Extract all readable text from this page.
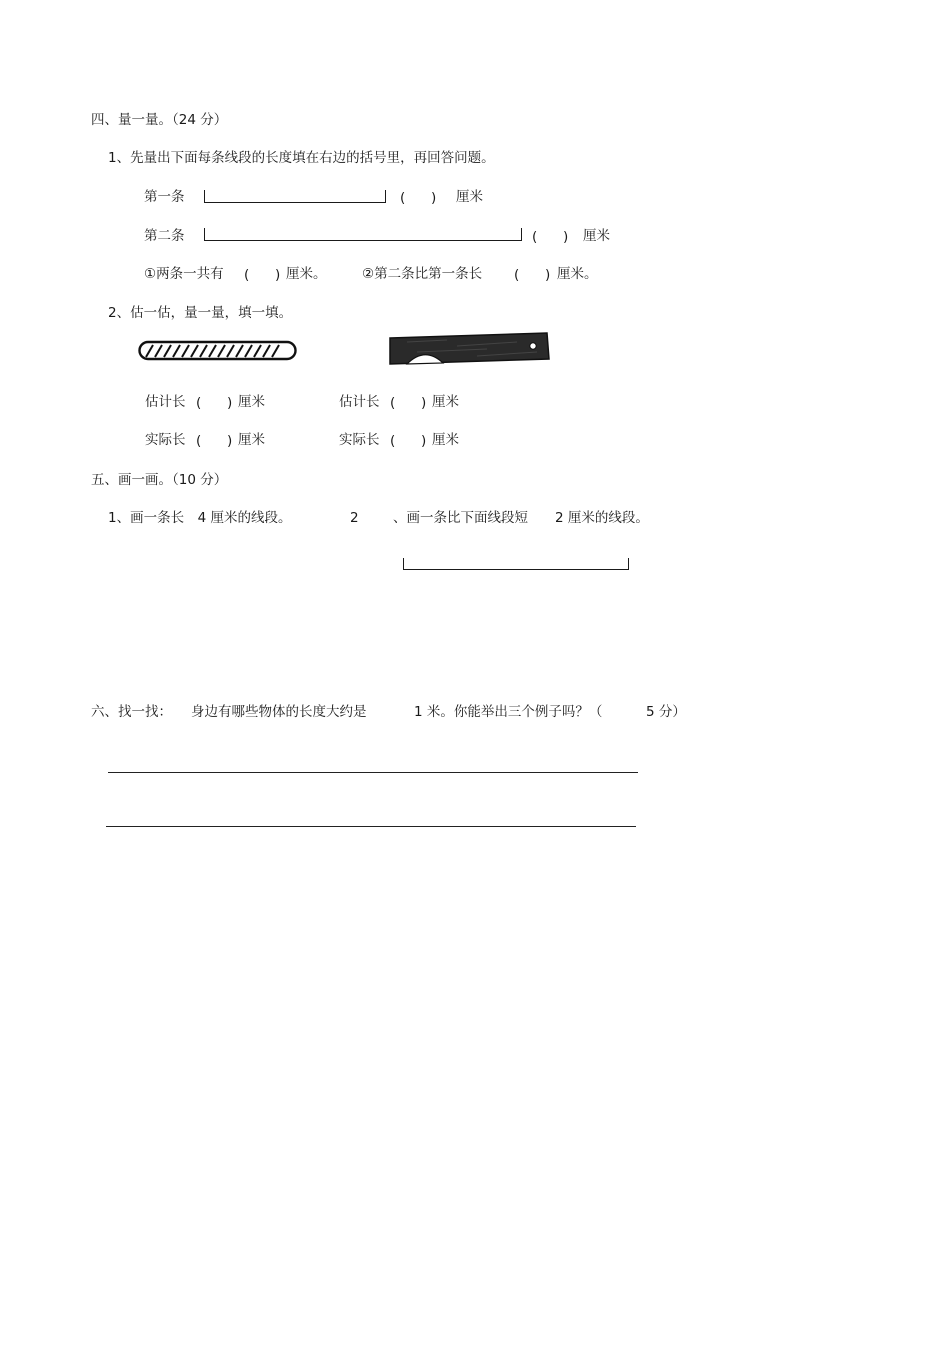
四、量一量。（24 分）
1、先量出下面每条线段的长度填在右边的括号里，再回答问题。
第一条	(      ) 厘米
第二条	(      ) 厘米
①两条一共有 (      ) 厘米。	②第二条比第一条长 (      ) 厘米。
2、估一估，量一量，填一填。
估计长 (      ) 厘米
实际长 (      ) 厘米
估计长 (      ) 厘米
实际长 (      ) 厘米
五、画一画。（10 分）
1、画一条长　4 厘米的线段。	2	、画一条比下面线段短　　2 厘米的线段。
六、找一找： 身边有哪些物体的长度大约是	1 米。你能举出三个例子吗？（	5 分）
